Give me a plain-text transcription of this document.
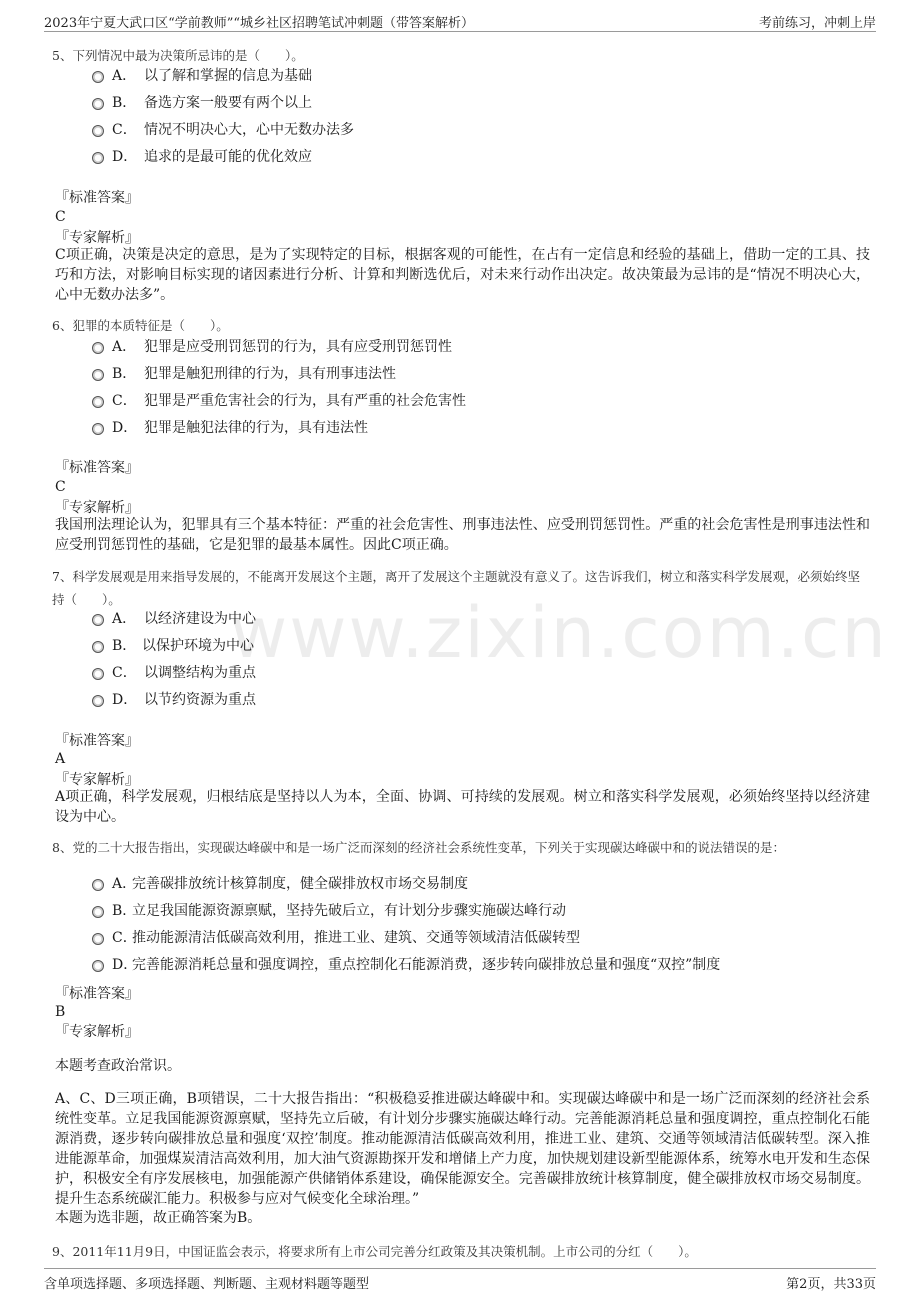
2023年宁夏大武口区“学前教师”“城乡社区招聘笔试冲刺题（带答案解析）	考前练习，冲刺上岸
www.zixin.com.cn
5、下列情况中最为决策所忌讳的是（　　）。
A． 以了解和掌握的信息为基础
B． 备选方案一般要有两个以上
C． 情况不明决心大，心中无数办法多
D． 追求的是最可能的优化效应
『标准答案』
C
『专家解析』
C项正确，决策是决定的意思，是为了实现特定的目标，根据客观的可能性，在占有一定信息和经验的基础上，借助一定的工具、技巧和方法，对影响目标实现的诸因素进行分析、计算和判断选优后，对未来行动作出决定。故决策最为忌讳的是“情况不明决心大，心中无数办法多”。
6、犯罪的本质特征是（　　）。
A． 犯罪是应受刑罚惩罚的行为，具有应受刑罚惩罚性
B． 犯罪是触犯刑律的行为，具有刑事违法性
C． 犯罪是严重危害社会的行为，具有严重的社会危害性
D． 犯罪是触犯法律的行为，具有违法性
『标准答案』
C
『专家解析』
我国刑法理论认为，犯罪具有三个基本特征：严重的社会危害性、刑事违法性、应受刑罚惩罚性。严重的社会危害性是刑事违法性和应受刑罚惩罚性的基础，它是犯罪的最基本属性。因此C项正确。
7、科学发展观是用来指导发展的，不能离开发展这个主题，离开了发展这个主题就没有意义了。这告诉我们，树立和落实科学发展观，必须始终坚持（　　）。
A． 以经济建设为中心
B． 以保护环境为中心
C． 以调整结构为重点
D． 以节约资源为重点
『标准答案』
A
『专家解析』
A项正确，科学发展观，归根结底是坚持以人为本，全面、协调、可持续的发展观。树立和落实科学发展观，必须始终坚持以经济建设为中心。
8、党的二十大报告指出，实现碳达峰碳中和是一场广泛而深刻的经济社会系统性变革，下列关于实现碳达峰碳中和的说法错误的是：
A．
完善碳排放统计核算制度，健全碳排放权市场交易制度
B．
立足我国能源资源禀赋，坚持先破后立，有计划分步骤实施碳达峰行动
C．
推动能源清洁低碳高效利用，推进工业、建筑、交通等领域清洁低碳转型
D．
完善能源消耗总量和强度调控，重点控制化石能源消费，逐步转向碳排放总量和强度“双控”制度
『标准答案』
B
『专家解析』
本题考查政治常识。
A、C、D三项正确，B项错误，二十大报告指出：“积极稳妥推进碳达峰碳中和。实现碳达峰碳中和是一场广泛而深刻的经济社会系统性变革。立足我国能源资源禀赋，坚持先立后破，有计划分步骤实施碳达峰行动。完善能源消耗总量和强度调控，重点控制化石能源消费，逐步转向碳排放总量和强度‘双控’制度。推动能源清洁低碳高效利用，推进工业、建筑、交通等领域清洁低碳转型。深入推进能源革命，加强煤炭清洁高效利用，加大油气资源勘探开发和增储上产力度，加快规划建设新型能源体系，统筹水电开发和生态保护，积极安全有序发展核电，加强能源产供储销体系建设，确保能源安全。完善碳排放统计核算制度，健全碳排放权市场交易制度。提升生态系统碳汇能力。积极参与应对气候变化全球治理。”
本题为选非题，故正确答案为B。
9、2011年11月9日，中国证监会表示，将要求所有上市公司完善分红政策及其决策机制。上市公司的分红（　　）。
含单项选择题、多项选择题、判断题、主观材料题等题型	第2页，共33页
